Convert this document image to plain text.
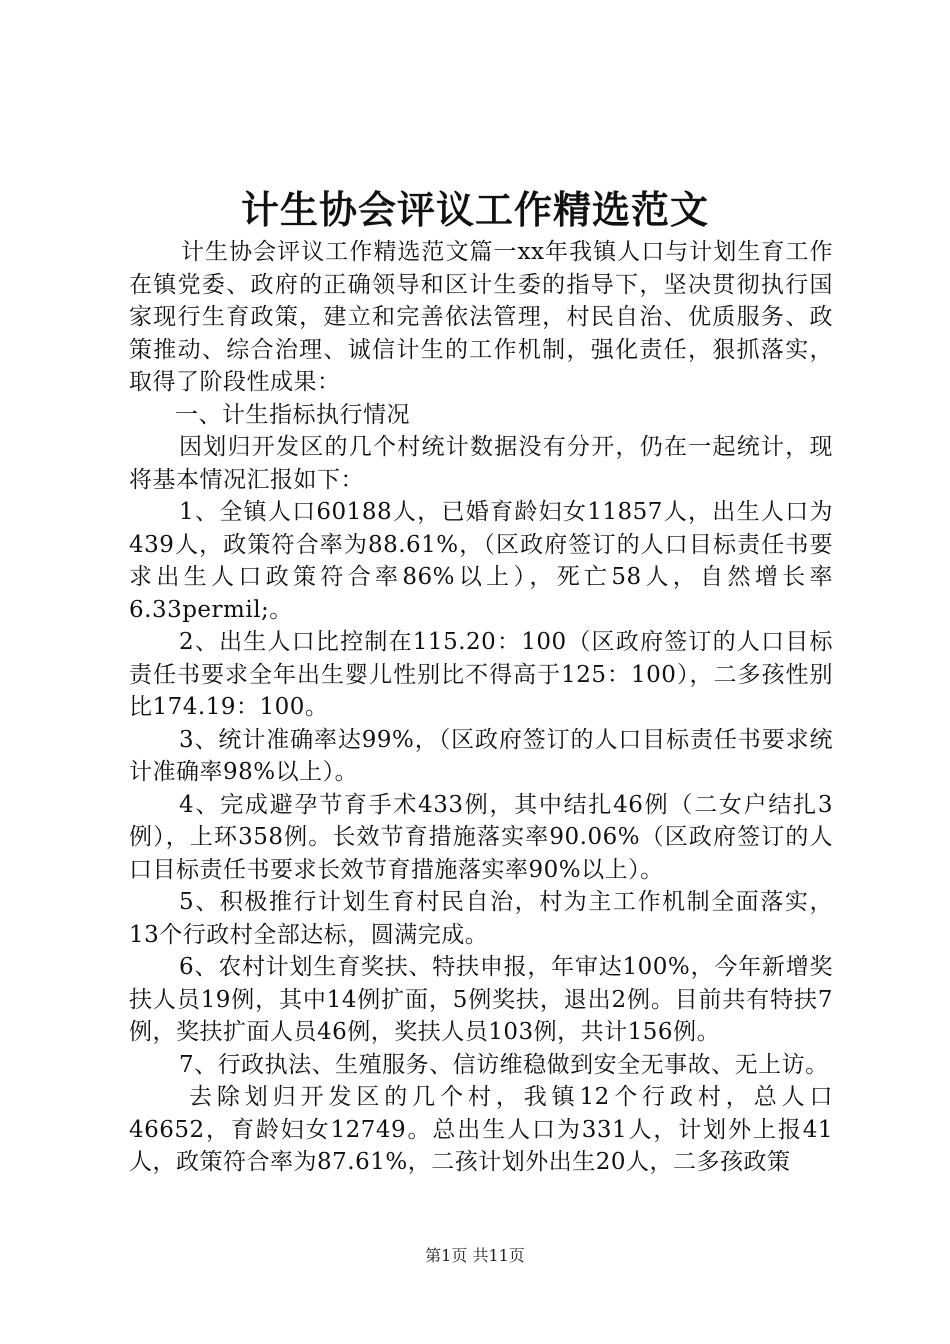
计生协会评议工作精选范文

计生协会评议工作精选范文篇一xx年我镇人口与计划生育工作在镇党委、政府的正确领导和区计生委的指导下，坚决贯彻执行国家现行生育政策，建立和完善依法管理，村民自治、优质服务、政策推动、综合治理、诚信计生的工作机制，强化责任，狠抓落实，取得了阶段性成果：

一、计生指标执行情况

因划归开发区的几个村统计数据没有分开，仍在一起统计，现将基本情况汇报如下：

1、全镇人口60188人，已婚育龄妇女11857人，出生人口为439人，政策符合率为88.61%，（区政府签订的人口目标责任书要求出生人口政策符合率86%以上），死亡58人，自然增长率6.33permil;。

2、出生人口比控制在115.20：100（区政府签订的人口目标责任书要求全年出生婴儿性别比不得高于125：100），二多孩性别比174.19：100。

3、统计准确率达99%，（区政府签订的人口目标责任书要求统计准确率98%以上）。

4、完成避孕节育手术433例，其中结扎46例（二女户结扎3例），上环358例。长效节育措施落实率90.06%（区政府签订的人口目标责任书要求长效节育措施落实率90%以上）。

5、积极推行计划生育村民自治，村为主工作机制全面落实，13个行政村全部达标，圆满完成。

6、农村计划生育奖扶、特扶申报，年审达100%，今年新增奖扶人员19例，其中14例扩面，5例奖扶，退出2例。目前共有特扶7例，奖扶扩面人员46例，奖扶人员103例，共计156例。

7、行政执法、生殖服务、信访维稳做到安全无事故、无上访。

去除划归开发区的几个村，我镇12个行政村，总人口46652，育龄妇女12749。总出生人口为331人，计划外上报41人，政策符合率为87.61%，二孩计划外出生20人，二多孩政策

第1页 共11页
